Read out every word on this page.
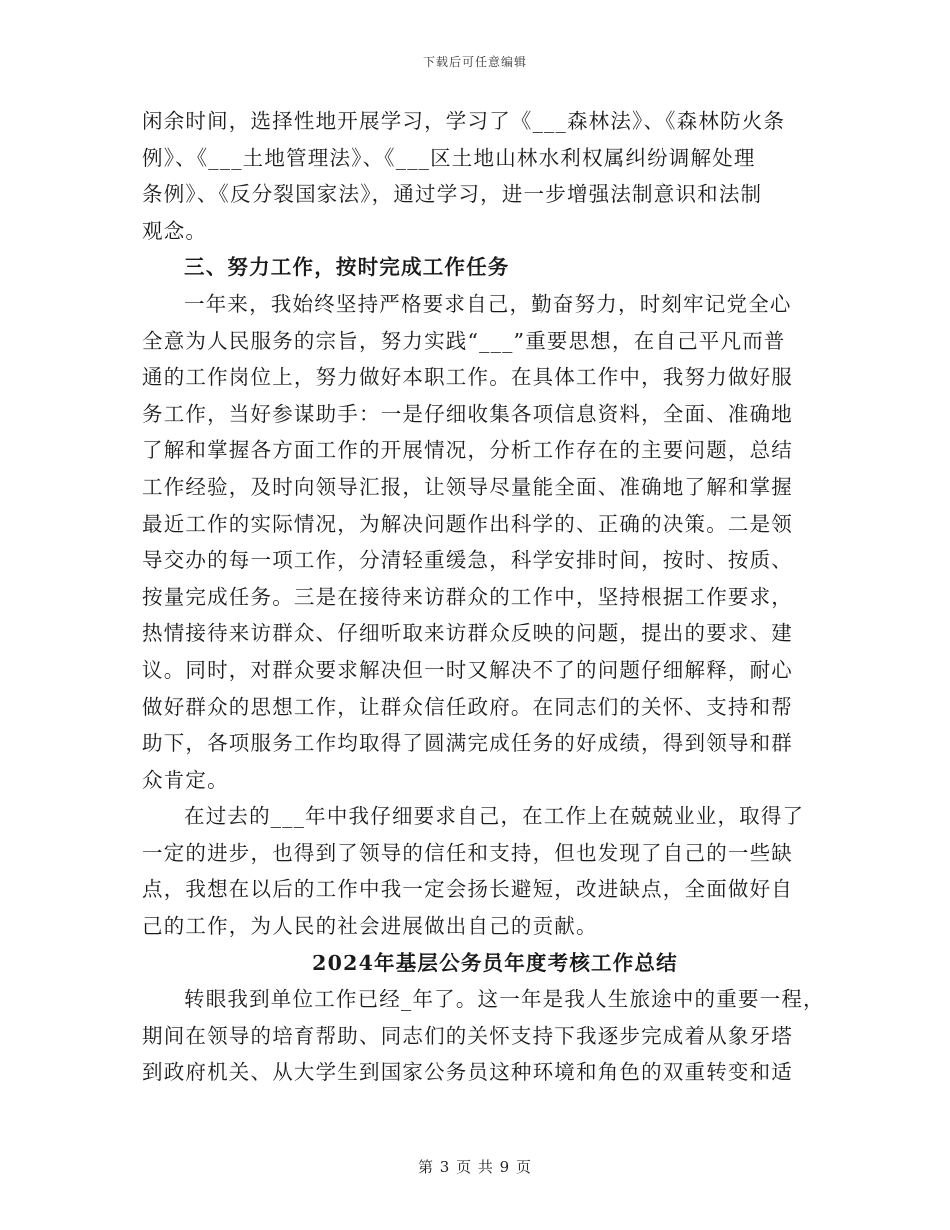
下载后可任意编辑
闲余时间，选择性地开展学习，学习了《___森林法》、《森林防火条
例》、《___土地管理法》、《___区土地山林水利权属纠纷调解处理
条例》、《反分裂国家法》，通过学习，进一步增强法制意识和法制
观念。
三、努力工作，按时完成工作任务
一年来，我始终坚持严格要求自己，勤奋努力，时刻牢记党全心
全意为人民服务的宗旨，努力实践“___”重要思想，在自己平凡而普
通的工作岗位上，努力做好本职工作。在具体工作中，我努力做好服
务工作，当好参谋助手：一是仔细收集各项信息资料，全面、准确地
了解和掌握各方面工作的开展情况，分析工作存在的主要问题，总结
工作经验，及时向领导汇报，让领导尽量能全面、准确地了解和掌握
最近工作的实际情况，为解决问题作出科学的、正确的决策。二是领
导交办的每一项工作，分清轻重缓急，科学安排时间，按时、按质、
按量完成任务。三是在接待来访群众的工作中，坚持根据工作要求，
热情接待来访群众、仔细听取来访群众反映的问题，提出的要求、建
议。同时，对群众要求解决但一时又解决不了的问题仔细解释，耐心
做好群众的思想工作，让群众信任政府。在同志们的关怀、支持和帮
助下，各项服务工作均取得了圆满完成任务的好成绩，得到领导和群
众肯定。
在过去的___年中我仔细要求自己，在工作上在兢兢业业，取得了
一定的进步，也得到了领导的信任和支持，但也发现了自己的一些缺
点，我想在以后的工作中我一定会扬长避短，改进缺点，全面做好自
己的工作，为人民的社会进展做出自己的贡献。
2024年基层公务员年度考核工作总结
转眼我到单位工作已经_年了。这一年是我人生旅途中的重要一程，
期间在领导的培育帮助、同志们的关怀支持下我逐步完成着从象牙塔
到政府机关、从大学生到国家公务员这种环境和角色的双重转变和适
第 3 页 共 9 页
